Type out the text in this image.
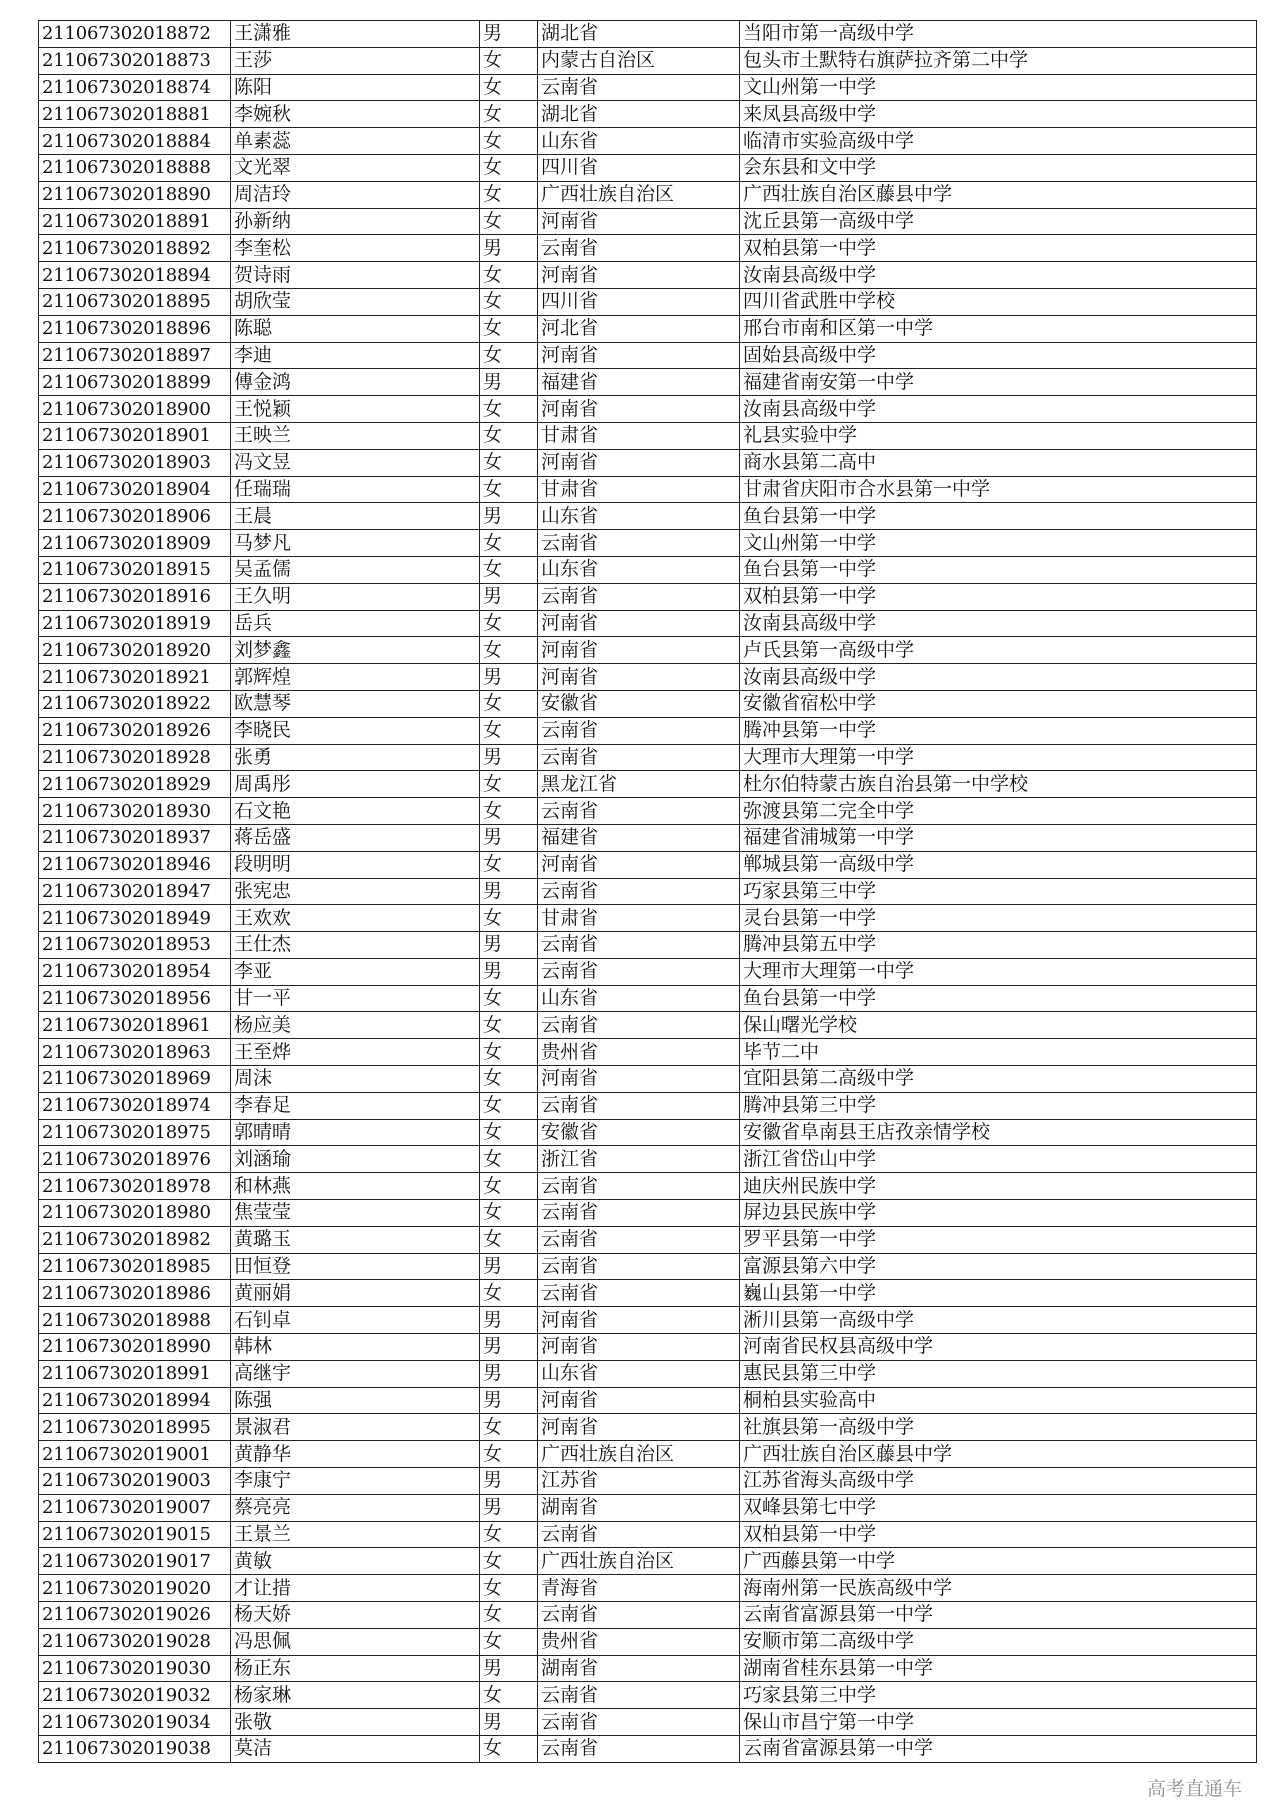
211067302018872	王潇雅	男	湖北省	当阳市第一高级中学
211067302018873	王莎	女	内蒙古自治区	包头市土默特右旗萨拉齐第二中学
211067302018874	陈阳	女	云南省	文山州第一中学
211067302018881	李婉秋	女	湖北省	来凤县高级中学
211067302018884	单素蕊	女	山东省	临清市实验高级中学
211067302018888	文光翠	女	四川省	会东县和文中学
211067302018890	周洁玲	女	广西壮族自治区	广西壮族自治区藤县中学
211067302018891	孙新纳	女	河南省	沈丘县第一高级中学
211067302018892	李奎松	男	云南省	双柏县第一中学
211067302018894	贺诗雨	女	河南省	汝南县高级中学
211067302018895	胡欣莹	女	四川省	四川省武胜中学校
211067302018896	陈聪	女	河北省	邢台市南和区第一中学
211067302018897	李迪	女	河南省	固始县高级中学
211067302018899	傅金鸿	男	福建省	福建省南安第一中学
211067302018900	王悦颖	女	河南省	汝南县高级中学
211067302018901	王映兰	女	甘肃省	礼县实验中学
211067302018903	冯文昱	女	河南省	商水县第二高中
211067302018904	任瑞瑞	女	甘肃省	甘肃省庆阳市合水县第一中学
211067302018906	王晨	男	山东省	鱼台县第一中学
211067302018909	马梦凡	女	云南省	文山州第一中学
211067302018915	吴孟儒	女	山东省	鱼台县第一中学
211067302018916	王久明	男	云南省	双柏县第一中学
211067302018919	岳兵	女	河南省	汝南县高级中学
211067302018920	刘梦鑫	女	河南省	卢氏县第一高级中学
211067302018921	郭辉煌	男	河南省	汝南县高级中学
211067302018922	欧慧琴	女	安徽省	安徽省宿松中学
211067302018926	李晓民	女	云南省	腾冲县第一中学
211067302018928	张勇	男	云南省	大理市大理第一中学
211067302018929	周禹彤	女	黑龙江省	杜尔伯特蒙古族自治县第一中学校
211067302018930	石文艳	女	云南省	弥渡县第二完全中学
211067302018937	蒋岳盛	男	福建省	福建省浦城第一中学
211067302018946	段明明	女	河南省	郸城县第一高级中学
211067302018947	张宪忠	男	云南省	巧家县第三中学
211067302018949	王欢欢	女	甘肃省	灵台县第一中学
211067302018953	王仕杰	男	云南省	腾冲县第五中学
211067302018954	李亚	男	云南省	大理市大理第一中学
211067302018956	甘一平	女	山东省	鱼台县第一中学
211067302018961	杨应美	女	云南省	保山曙光学校
211067302018963	王至烨	女	贵州省	毕节二中
211067302018969	周沫	女	河南省	宜阳县第二高级中学
211067302018974	李春足	女	云南省	腾冲县第三中学
211067302018975	郭晴晴	女	安徽省	安徽省阜南县王店孜亲情学校
211067302018976	刘涵瑜	女	浙江省	浙江省岱山中学
211067302018978	和林燕	女	云南省	迪庆州民族中学
211067302018980	焦莹莹	女	云南省	屏边县民族中学
211067302018982	黄璐玉	女	云南省	罗平县第一中学
211067302018985	田恒登	男	云南省	富源县第六中学
211067302018986	黄丽娟	女	云南省	巍山县第一中学
211067302018988	石钊卓	男	河南省	淅川县第一高级中学
211067302018990	韩林	男	河南省	河南省民权县高级中学
211067302018991	高继宇	男	山东省	惠民县第三中学
211067302018994	陈强	男	河南省	桐柏县实验高中
211067302018995	景淑君	女	河南省	社旗县第一高级中学
211067302019001	黄静华	女	广西壮族自治区	广西壮族自治区藤县中学
211067302019003	李康宁	男	江苏省	江苏省海头高级中学
211067302019007	蔡亮亮	男	湖南省	双峰县第七中学
211067302019015	王景兰	女	云南省	双柏县第一中学
211067302019017	黄敏	女	广西壮族自治区	广西藤县第一中学
211067302019020	才让措	女	青海省	海南州第一民族高级中学
211067302019026	杨天娇	女	云南省	云南省富源县第一中学
211067302019028	冯思佩	女	贵州省	安顺市第二高级中学
211067302019030	杨正东	男	湖南省	湖南省桂东县第一中学
211067302019032	杨家琳	女	云南省	巧家县第三中学
211067302019034	张敬	男	云南省	保山市昌宁第一中学
211067302019038	莫洁	女	云南省	云南省富源县第一中学
高考直通车
